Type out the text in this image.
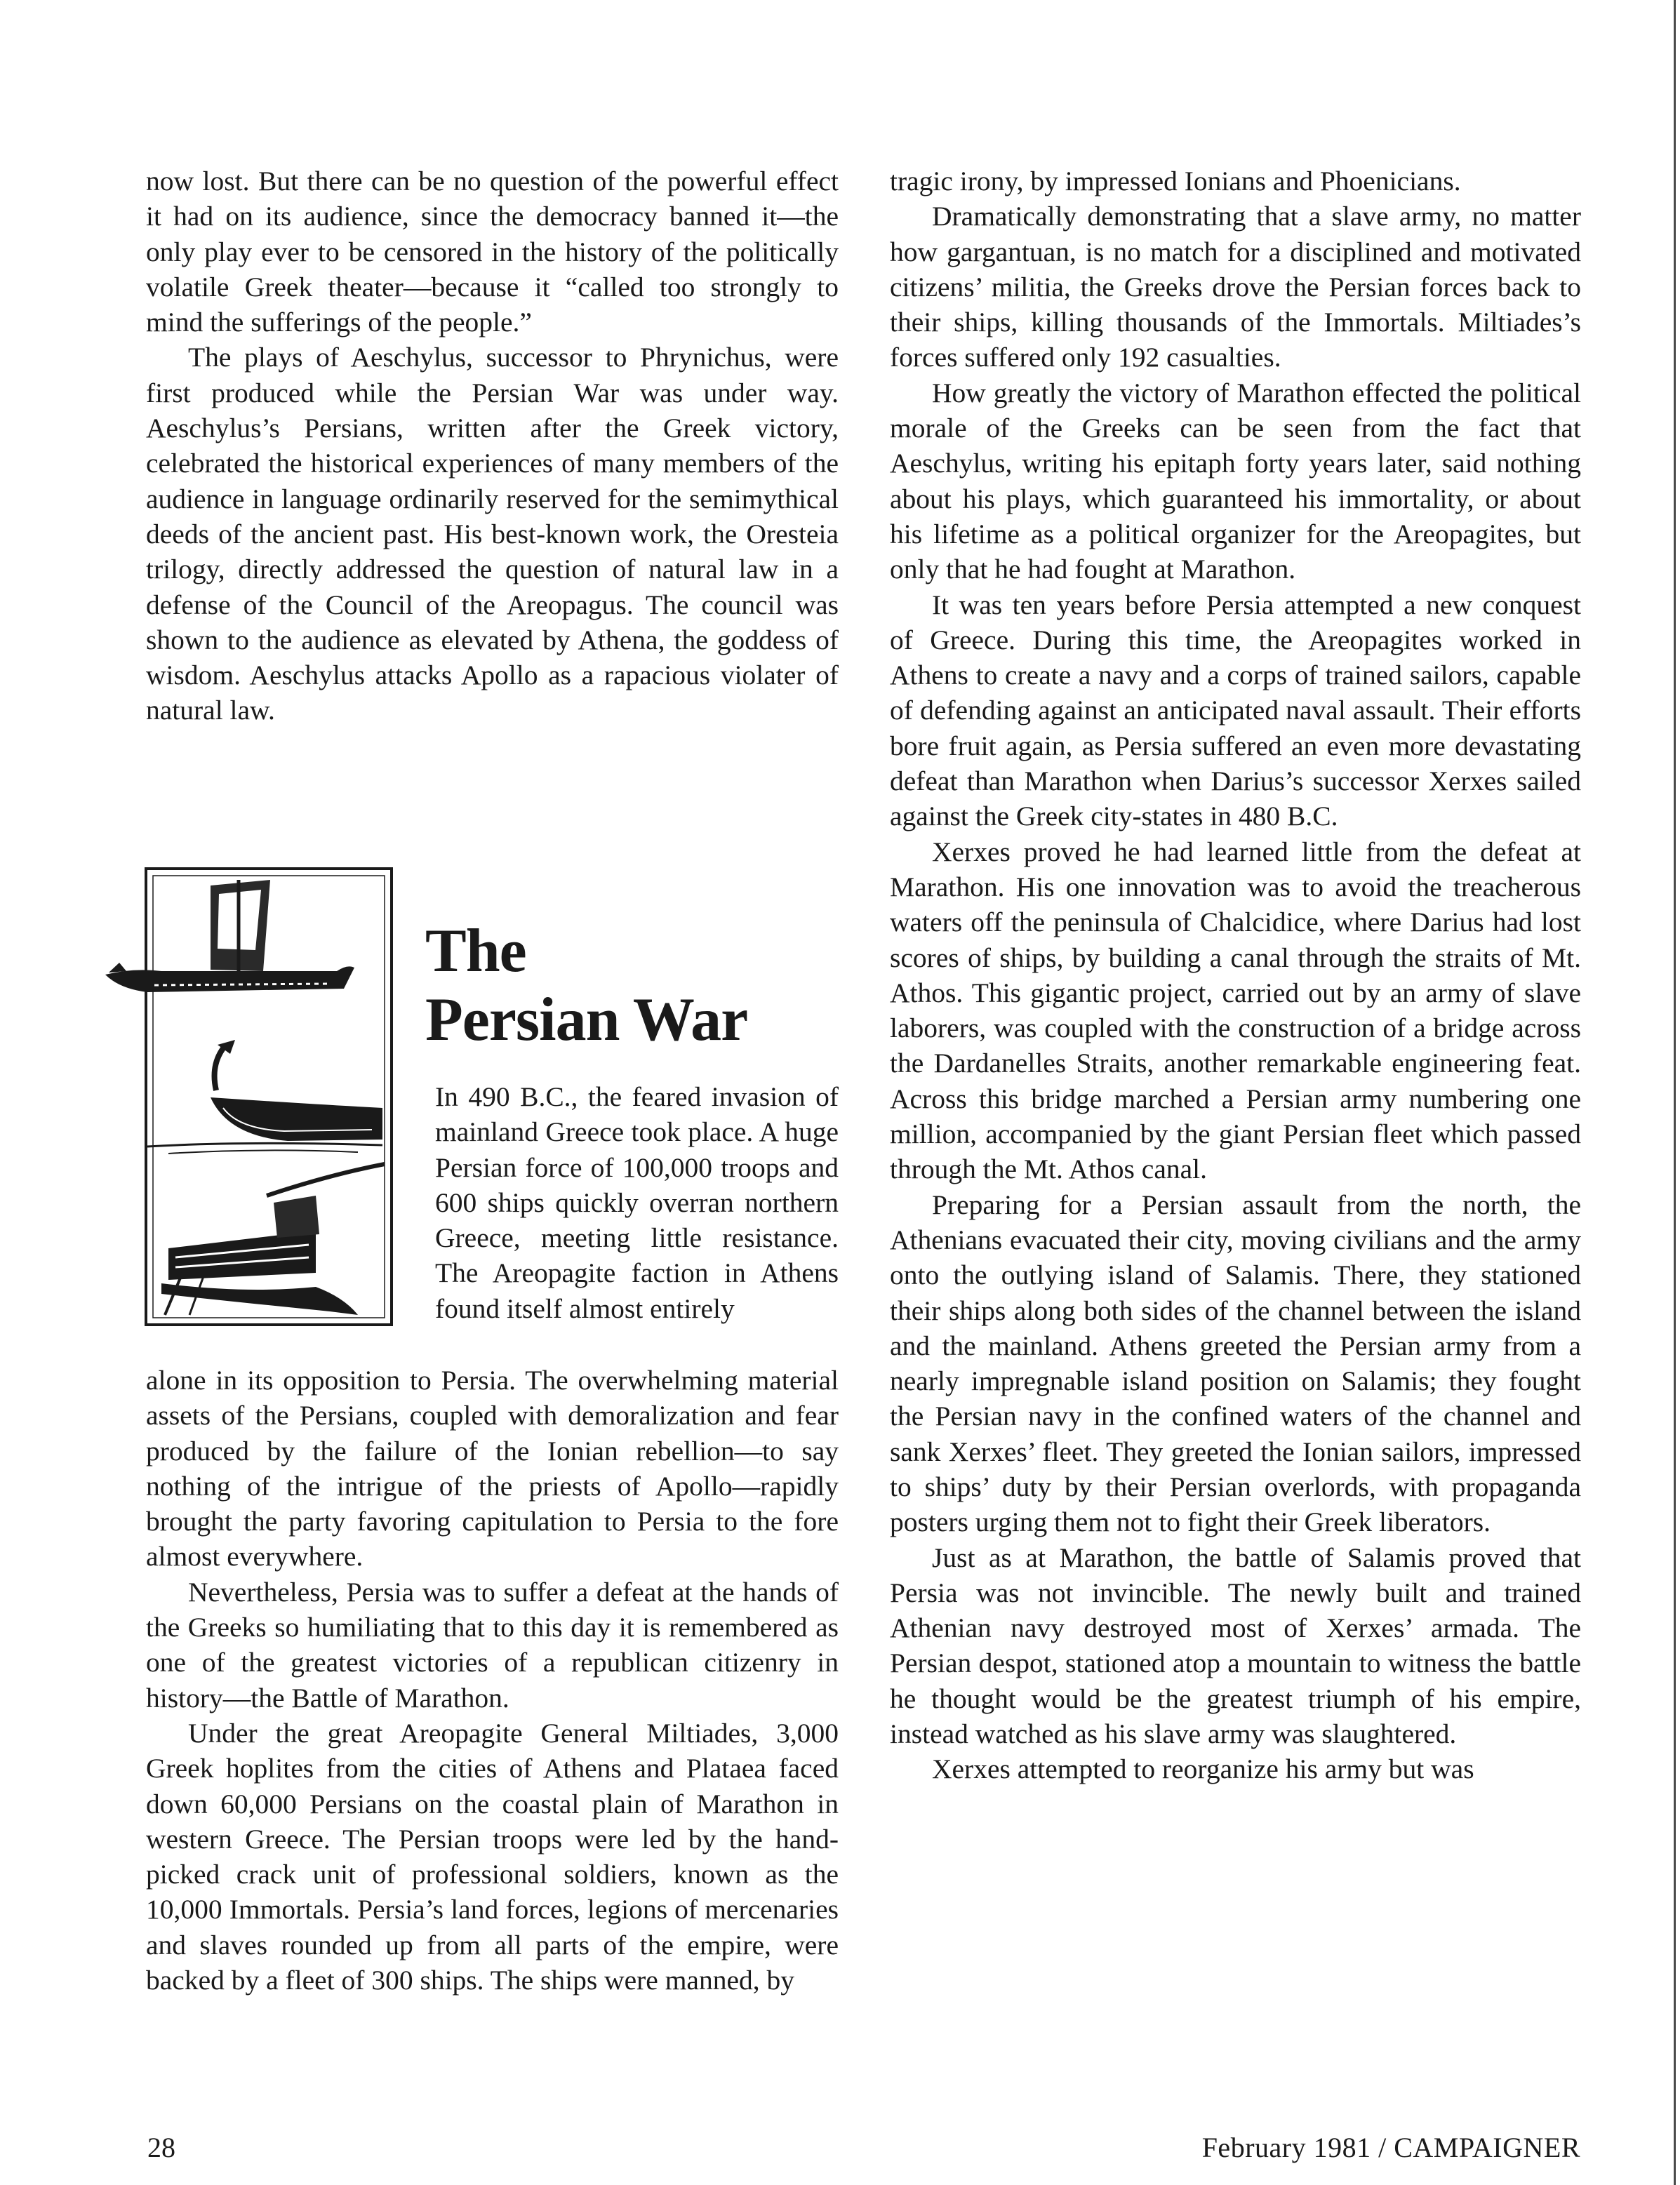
now lost. But there can be no question of the powerful effect it had on its audience, since the democracy banned it—the only play ever to be censored in the history of the politically volatile Greek theater—because it “called too strongly to mind the sufferings of the people.”

The plays of Aeschylus, successor to Phrynichus, were first produced while the Persian War was under way. Aeschylus’s Persians, written after the Greek victory, celebrated the historical experiences of many members of the audience in language ordinarily reserved for the semimythical deeds of the ancient past. His best-known work, the Oresteia trilogy, directly addressed the question of natural law in a defense of the Council of the Areopagus. The council was shown to the audience as elevated by Athena, the goddess of wisdom. Aeschylus attacks Apollo as a rapacious violater of natural law.

The
Persian War

In 490 B.C., the feared invasion of mainland Greece took place. A huge Persian force of 100,000 troops and 600 ships quickly overran northern Greece, meeting little resistance. The Areopagite faction in Athens found itself almost entirely

alone in its opposition to Persia. The overwhelming material assets of the Persians, coupled with demoralization and fear produced by the failure of the Ionian rebellion—to say nothing of the intrigue of the priests of Apollo—rapidly brought the party favoring capitulation to Persia to the fore almost everywhere.

Nevertheless, Persia was to suffer a defeat at the hands of the Greeks so humiliating that to this day it is remembered as one of the greatest victories of a republican citizenry in history—the Battle of Marathon.

Under the great Areopagite General Miltiades, 3,000 Greek hoplites from the cities of Athens and Plataea faced down 60,000 Persians on the coastal plain of Marathon in western Greece. The Persian troops were led by the hand-picked crack unit of professional soldiers, known as the 10,000 Immortals. Persia’s land forces, legions of mercenaries and slaves rounded up from all parts of the empire, were backed by a fleet of 300 ships. The ships were manned, by

tragic irony, by impressed Ionians and Phoenicians.

Dramatically demonstrating that a slave army, no matter how gargantuan, is no match for a disciplined and motivated citizens’ militia, the Greeks drove the Persian forces back to their ships, killing thousands of the Immortals. Miltiades’s forces suffered only 192 casualties.

How greatly the victory of Marathon effected the political morale of the Greeks can be seen from the fact that Aeschylus, writing his epitaph forty years later, said nothing about his plays, which guaranteed his immortality, or about his lifetime as a political organizer for the Areopagites, but only that he had fought at Marathon.

It was ten years before Persia attempted a new conquest of Greece. During this time, the Areopagites worked in Athens to create a navy and a corps of trained sailors, capable of defending against an anticipated naval assault. Their efforts bore fruit again, as Persia suffered an even more devastating defeat than Marathon when Darius’s successor Xerxes sailed against the Greek city-states in 480 B.C.

Xerxes proved he had learned little from the defeat at Marathon. His one innovation was to avoid the treacherous waters off the peninsula of Chalcidice, where Darius had lost scores of ships, by building a canal through the straits of Mt. Athos. This gigantic project, carried out by an army of slave laborers, was coupled with the construction of a bridge across the Dardanelles Straits, another remarkable engineering feat. Across this bridge marched a Persian army numbering one million, accompanied by the giant Persian fleet which passed through the Mt. Athos canal.

Preparing for a Persian assault from the north, the Athenians evacuated their city, moving civilians and the army onto the outlying island of Salamis. There, they stationed their ships along both sides of the channel between the island and the mainland. Athens greeted the Persian army from a nearly impregnable island position on Salamis; they fought the Persian navy in the confined waters of the channel and sank Xerxes’ fleet. They greeted the Ionian sailors, impressed to ships’ duty by their Persian overlords, with propaganda posters urging them not to fight their Greek liberators.

Just as at Marathon, the battle of Salamis proved that Persia was not invincible. The newly built and trained Athenian navy destroyed most of Xerxes’ armada. The Persian despot, stationed atop a mountain to witness the battle he thought would be the greatest triumph of his empire, instead watched as his slave army was slaughtered.

Xerxes attempted to reorganize his army but was

28	February 1981 / CAMPAIGNER
